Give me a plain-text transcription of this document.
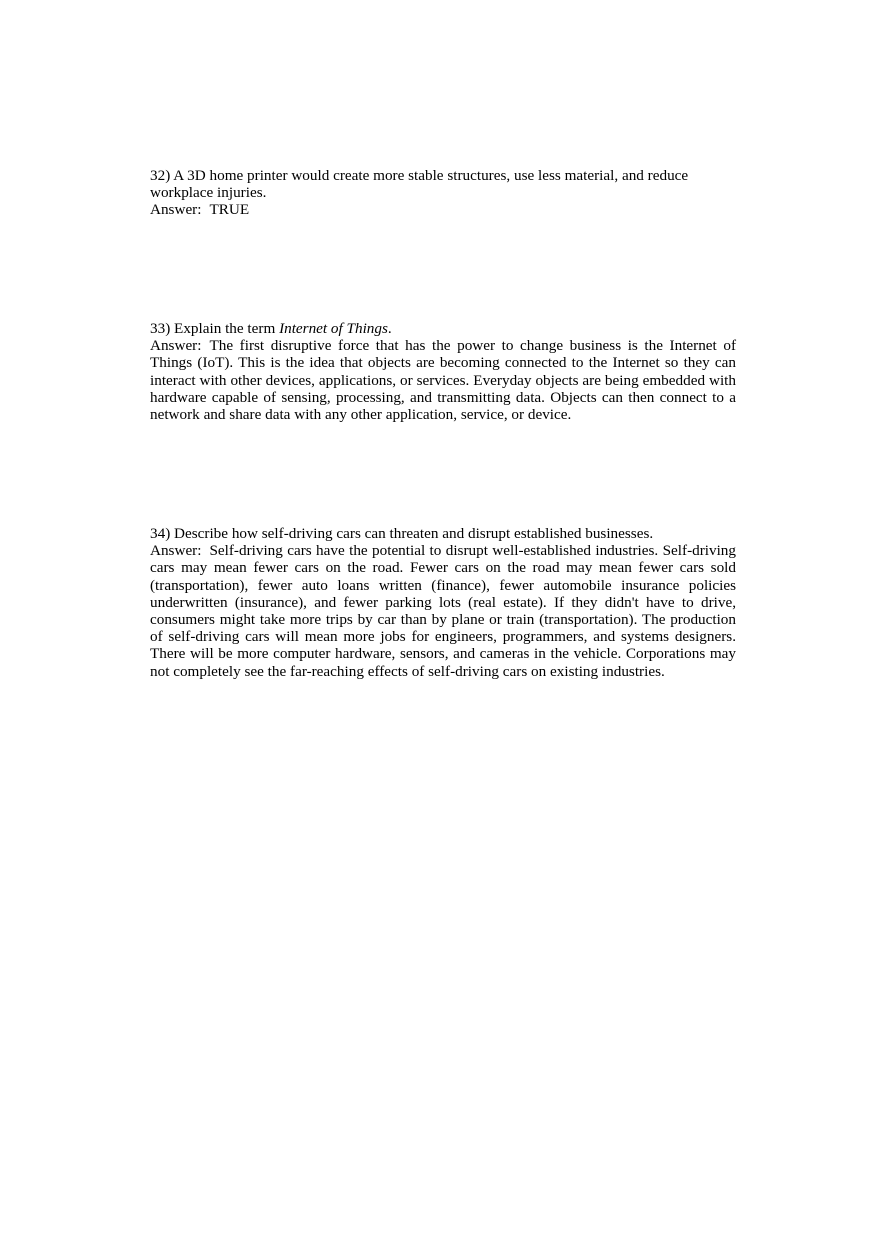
32) A 3D home printer would create more stable structures, use less material, and reduce

workplace injuries.

Answer: TRUE

33) Explain the term Internet of Things.

Answer: The first disruptive force that has the power to change business is the Internet of Things (IoT). This is the idea that objects are becoming connected to the Internet so they can interact with other devices, applications, or services. Everyday objects are being embedded with hardware capable of sensing, processing, and transmitting data. Objects can then connect to a network and share data with any other application, service, or device.

34) Describe how self-driving cars can threaten and disrupt established businesses.

Answer: Self-driving cars have the potential to disrupt well-established industries. Self-driving cars may mean fewer cars on the road. Fewer cars on the road may mean fewer cars sold (transportation), fewer auto loans written (finance), fewer automobile insurance policies underwritten (insurance), and fewer parking lots (real estate). If they didn't have to drive, consumers might take more trips by car than by plane or train (transportation). The production of self-driving cars will mean more jobs for engineers, programmers, and systems designers. There will be more computer hardware, sensors, and cameras in the vehicle. Corporations may not completely see the far-reaching effects of self-driving cars on existing industries.
